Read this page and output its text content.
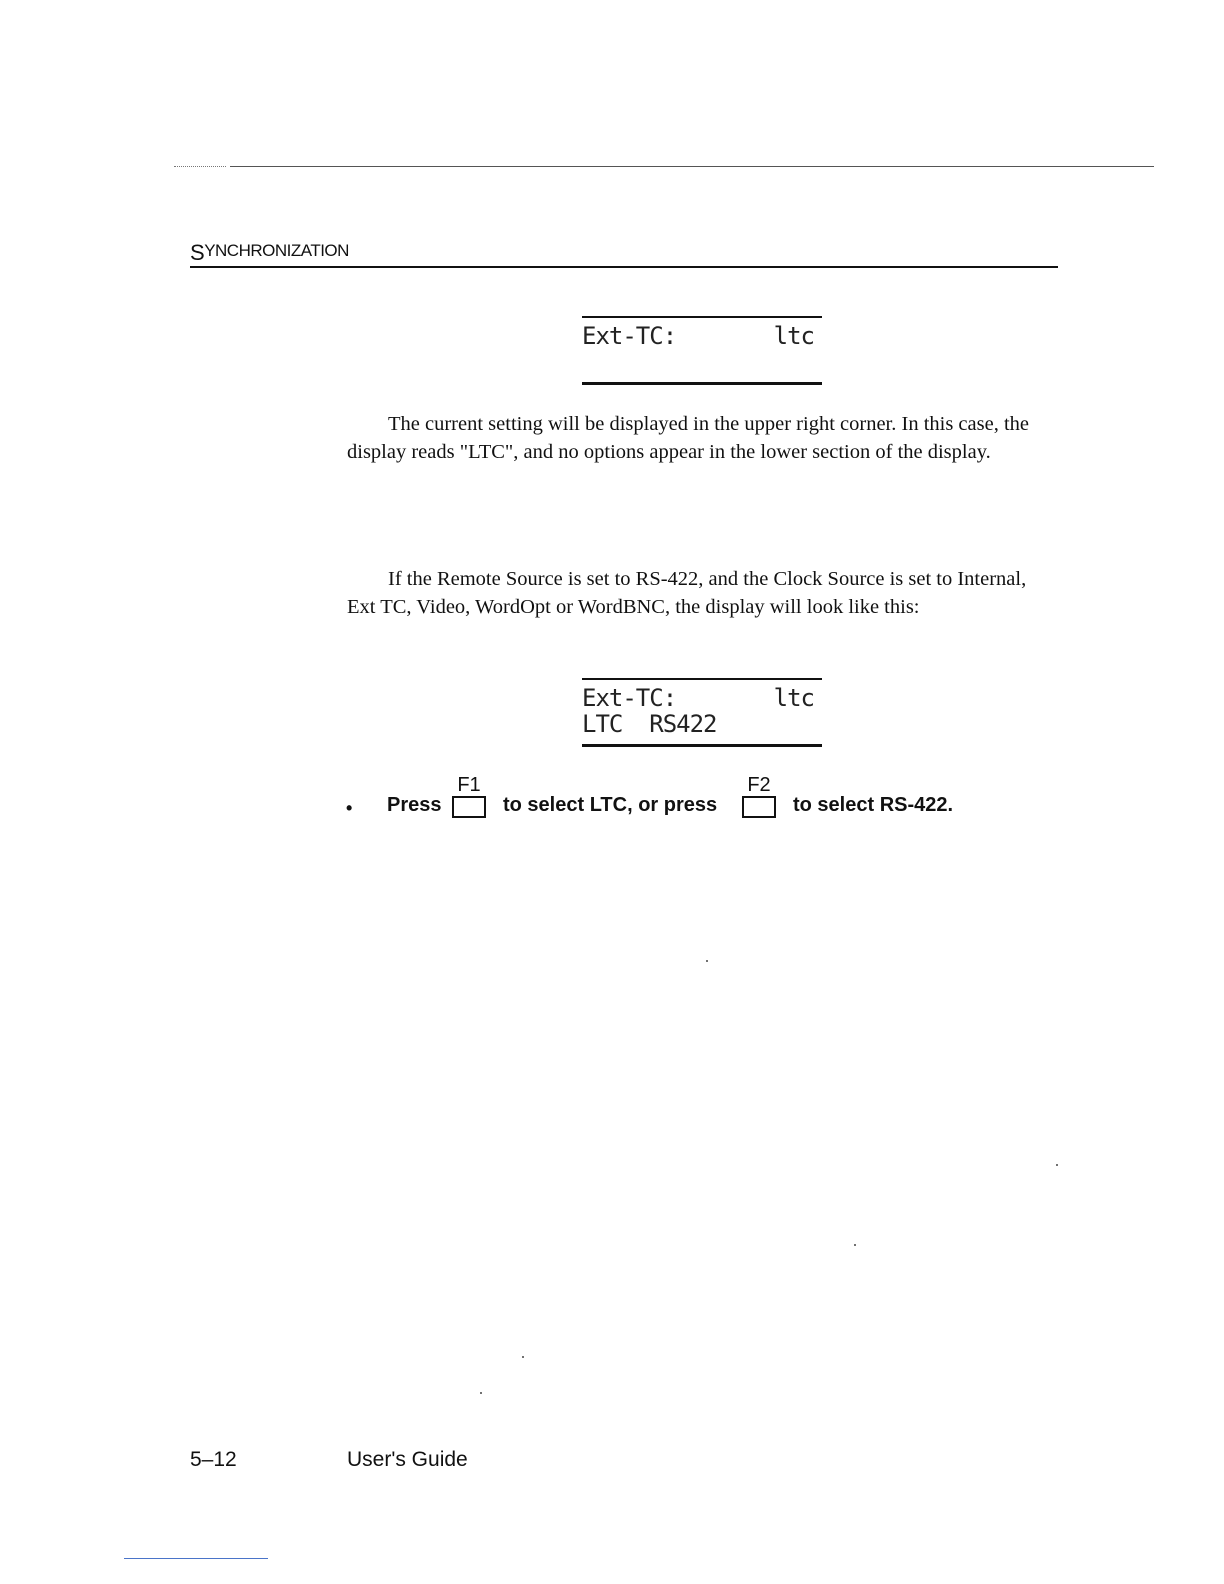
SYNCHRONIZATION
Ext-TC:	ltc

The current setting will be displayed in the upper right corner. In this case, the display reads "LTC", and no options appear in the lower section of the display.

If the Remote Source is set to RS-422, and the Clock Source is set to Internal, Ext TC, Video, WordOpt or WordBNC, the display will look like this:

Ext-TC:	ltc
LTC  RS422
• Press
F1
to select LTC, or press
F2
to select RS-422.
5–12	User's Guide
